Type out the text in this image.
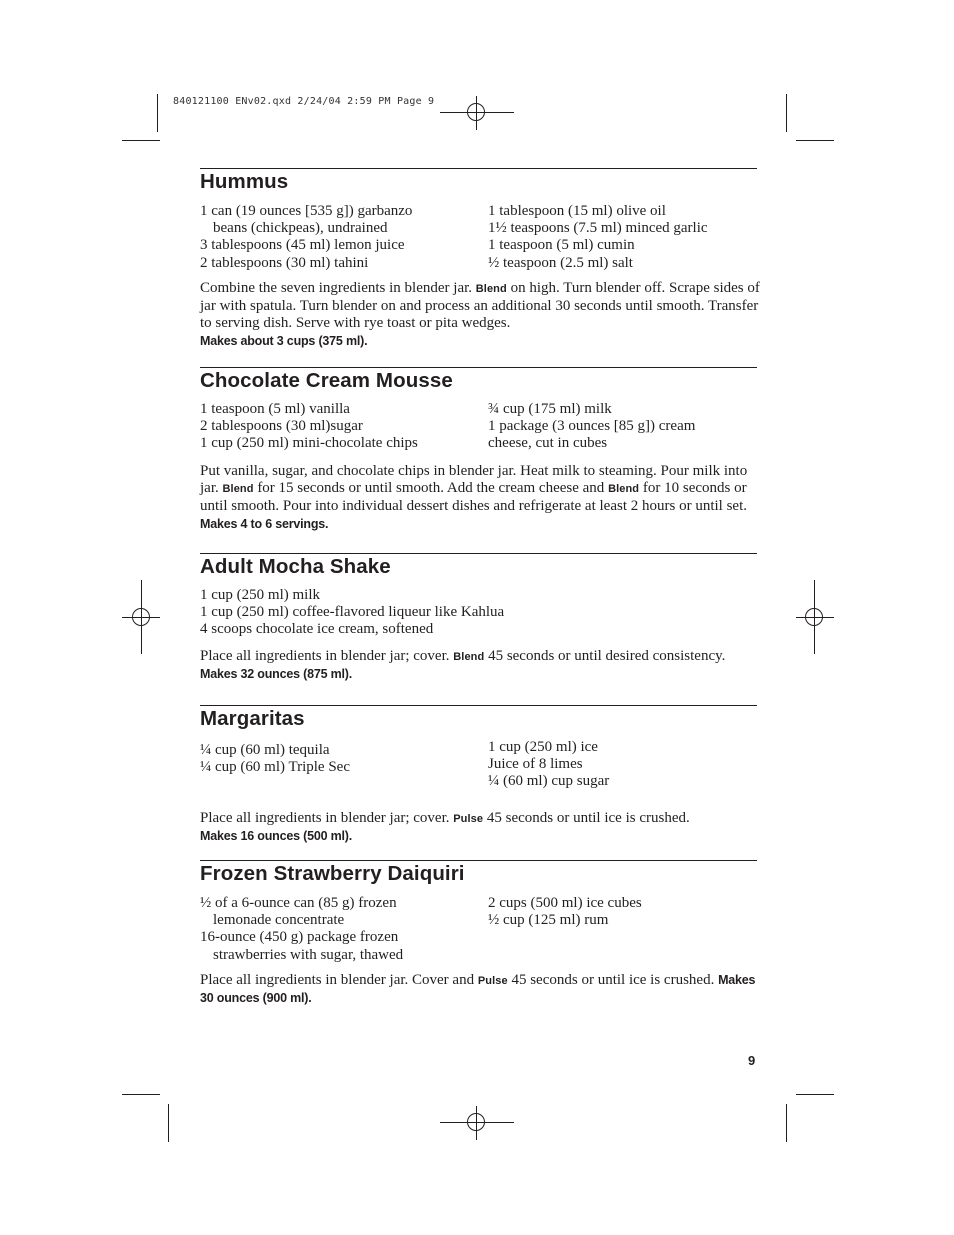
840121100 ENv02.qxd 2/24/04 2:59 PM Page 9
Hummus
1 can (19 ounces [535 g]) garbanzo
beans (chickpeas), undrained
3 tablespoons (45 ml) lemon juice
2 tablespoons (30 ml) tahini
1 tablespoon (15 ml) olive oil
1½ teaspoons (7.5 ml) minced garlic
1 teaspoon (5 ml) cumin
½ teaspoon (2.5 ml) salt
Combine the seven ingredients in blender jar. Blend on high. Turn blender off. Scrape sides of jar with spatula. Turn blender on and process an additional 30 seconds until smooth. Transfer to serving dish. Serve with rye toast or pita wedges.
Makes about 3 cups (375 ml).
Chocolate Cream Mousse
1 teaspoon (5 ml) vanilla
2 tablespoons (30 ml)sugar
1 cup (250 ml) mini-chocolate chips
¾ cup (175 ml) milk
1 package (3 ounces [85 g]) cream
cheese, cut in cubes
Put vanilla, sugar, and chocolate chips in blender jar. Heat milk to steaming. Pour milk into jar. Blend for 15 seconds or until smooth. Add the cream cheese and Blend for 10 seconds or until smooth. Pour into individual dessert dishes and refrigerate at least 2 hours or until set. Makes 4 to 6 servings.
Adult Mocha Shake
1 cup (250 ml) milk
1 cup (250 ml) coffee-flavored liqueur like Kahlua
4 scoops chocolate ice cream, softened
Place all ingredients in blender jar; cover. Blend 45 seconds or until desired consistency. Makes 32 ounces (875 ml).
Margaritas
¼ cup (60 ml) tequila
¼ cup (60 ml) Triple Sec
1 cup (250 ml) ice
Juice of 8 limes
¼ (60 ml) cup sugar
Place all ingredients in blender jar; cover. Pulse 45 seconds or until ice is crushed.
Makes 16 ounces (500 ml).
Frozen Strawberry Daiquiri
½ of a 6-ounce can (85 g) frozen
lemonade concentrate
16-ounce (450 g) package frozen
strawberries with sugar, thawed
2 cups (500 ml) ice cubes
½ cup (125 ml) rum
Place all ingredients in blender jar. Cover and Pulse 45 seconds or until ice is crushed. Makes 30 ounces (900 ml).
9
